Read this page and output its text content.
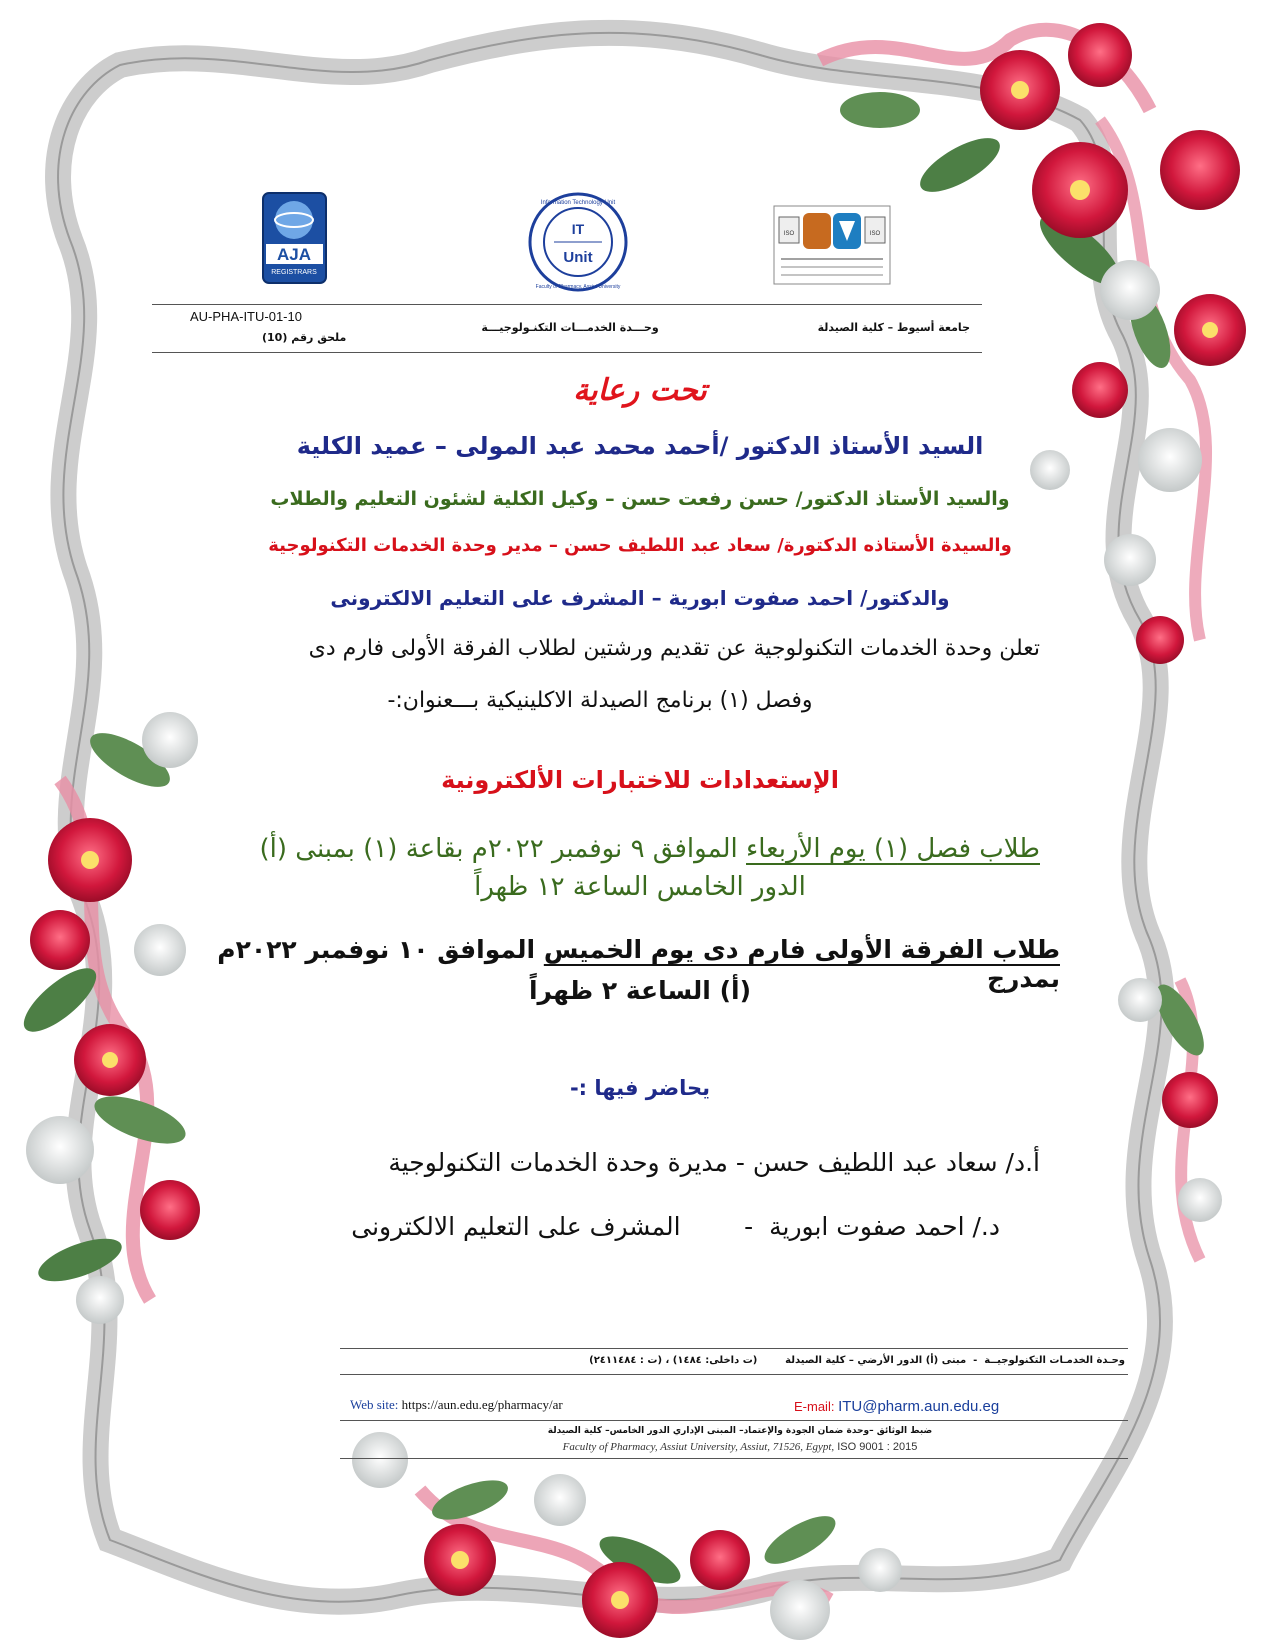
AJA
REGISTRARS
Information Technology Unit
Faculty of Pharmacy, Assiut University
IT
Unit
ISO	ISO
AU-PHA-ITU-01-10
ملحق رقم (10)
وحـــدة الخدمـــات التكنـولوجيـــة	جامعة أسيوط – كلية الصيدلة
تحت رعاية
السيد الأستاذ الدكتور /أحمد محمد عبد المولى – عميد الكلية
والسيد الأستاذ الدكتور/ حسن رفعت حسن – وكيل الكلية لشئون التعليم والطلاب
والسيدة الأستاذه الدكتورة/ سعاد عبد اللطيف حسن – مدير وحدة الخدمات التكنولوجية
والدكتور/ احمد صفوت ابورية – المشرف على التعليم الالكترونى
تعلن وحدة الخدمات التكنولوجية عن تقديم ورشتين لطلاب الفرقة الأولى فارم دى
وفصل (١) برنامج الصيدلة الاكلينيكية بـــعنوان:-
الإستعدادات للاختبارات الألكترونية
طلاب فصل (١) يوم الأربعاء الموافق ٩ نوفمبر ٢٠٢٢م بقاعة (١) بمبنى (أ)
الدور الخامس الساعة ١٢ ظهراً
طلاب الفرقة الأولى فارم دى يوم الخميس الموافق ١٠ نوفمبر ٢٠٢٢م بمدرج
(أ) الساعة ٢ ظهراً
يحاضر فيها :-
أ.د/ سعاد عبد اللطيف حسن - مديرة وحدة الخدمات التكنولوجية
د./ احمد صفوت ابورية  -        المشرف على التعليم الالكترونى
وحـدة الخدمـات التكنولوجيــة  -  مبنى (أ) الدور الأرضي – كلية الصيدلة        (ت داخلى: ١٤٨٤) ، (ت : ٢٤١١٤٨٤)
Web site: https://aun.edu.eg/pharmacy/ar	E-mail: ITU@pharm.aun.edu.eg
ضبط الوثائق –وحدة ضمان الجودة والإعتماد– المبنى الإداري الدور الخامس– كلية الصيدلة
Faculty of Pharmacy, Assiut University, Assiut, 71526, Egypt, ISO 9001 : 2015
